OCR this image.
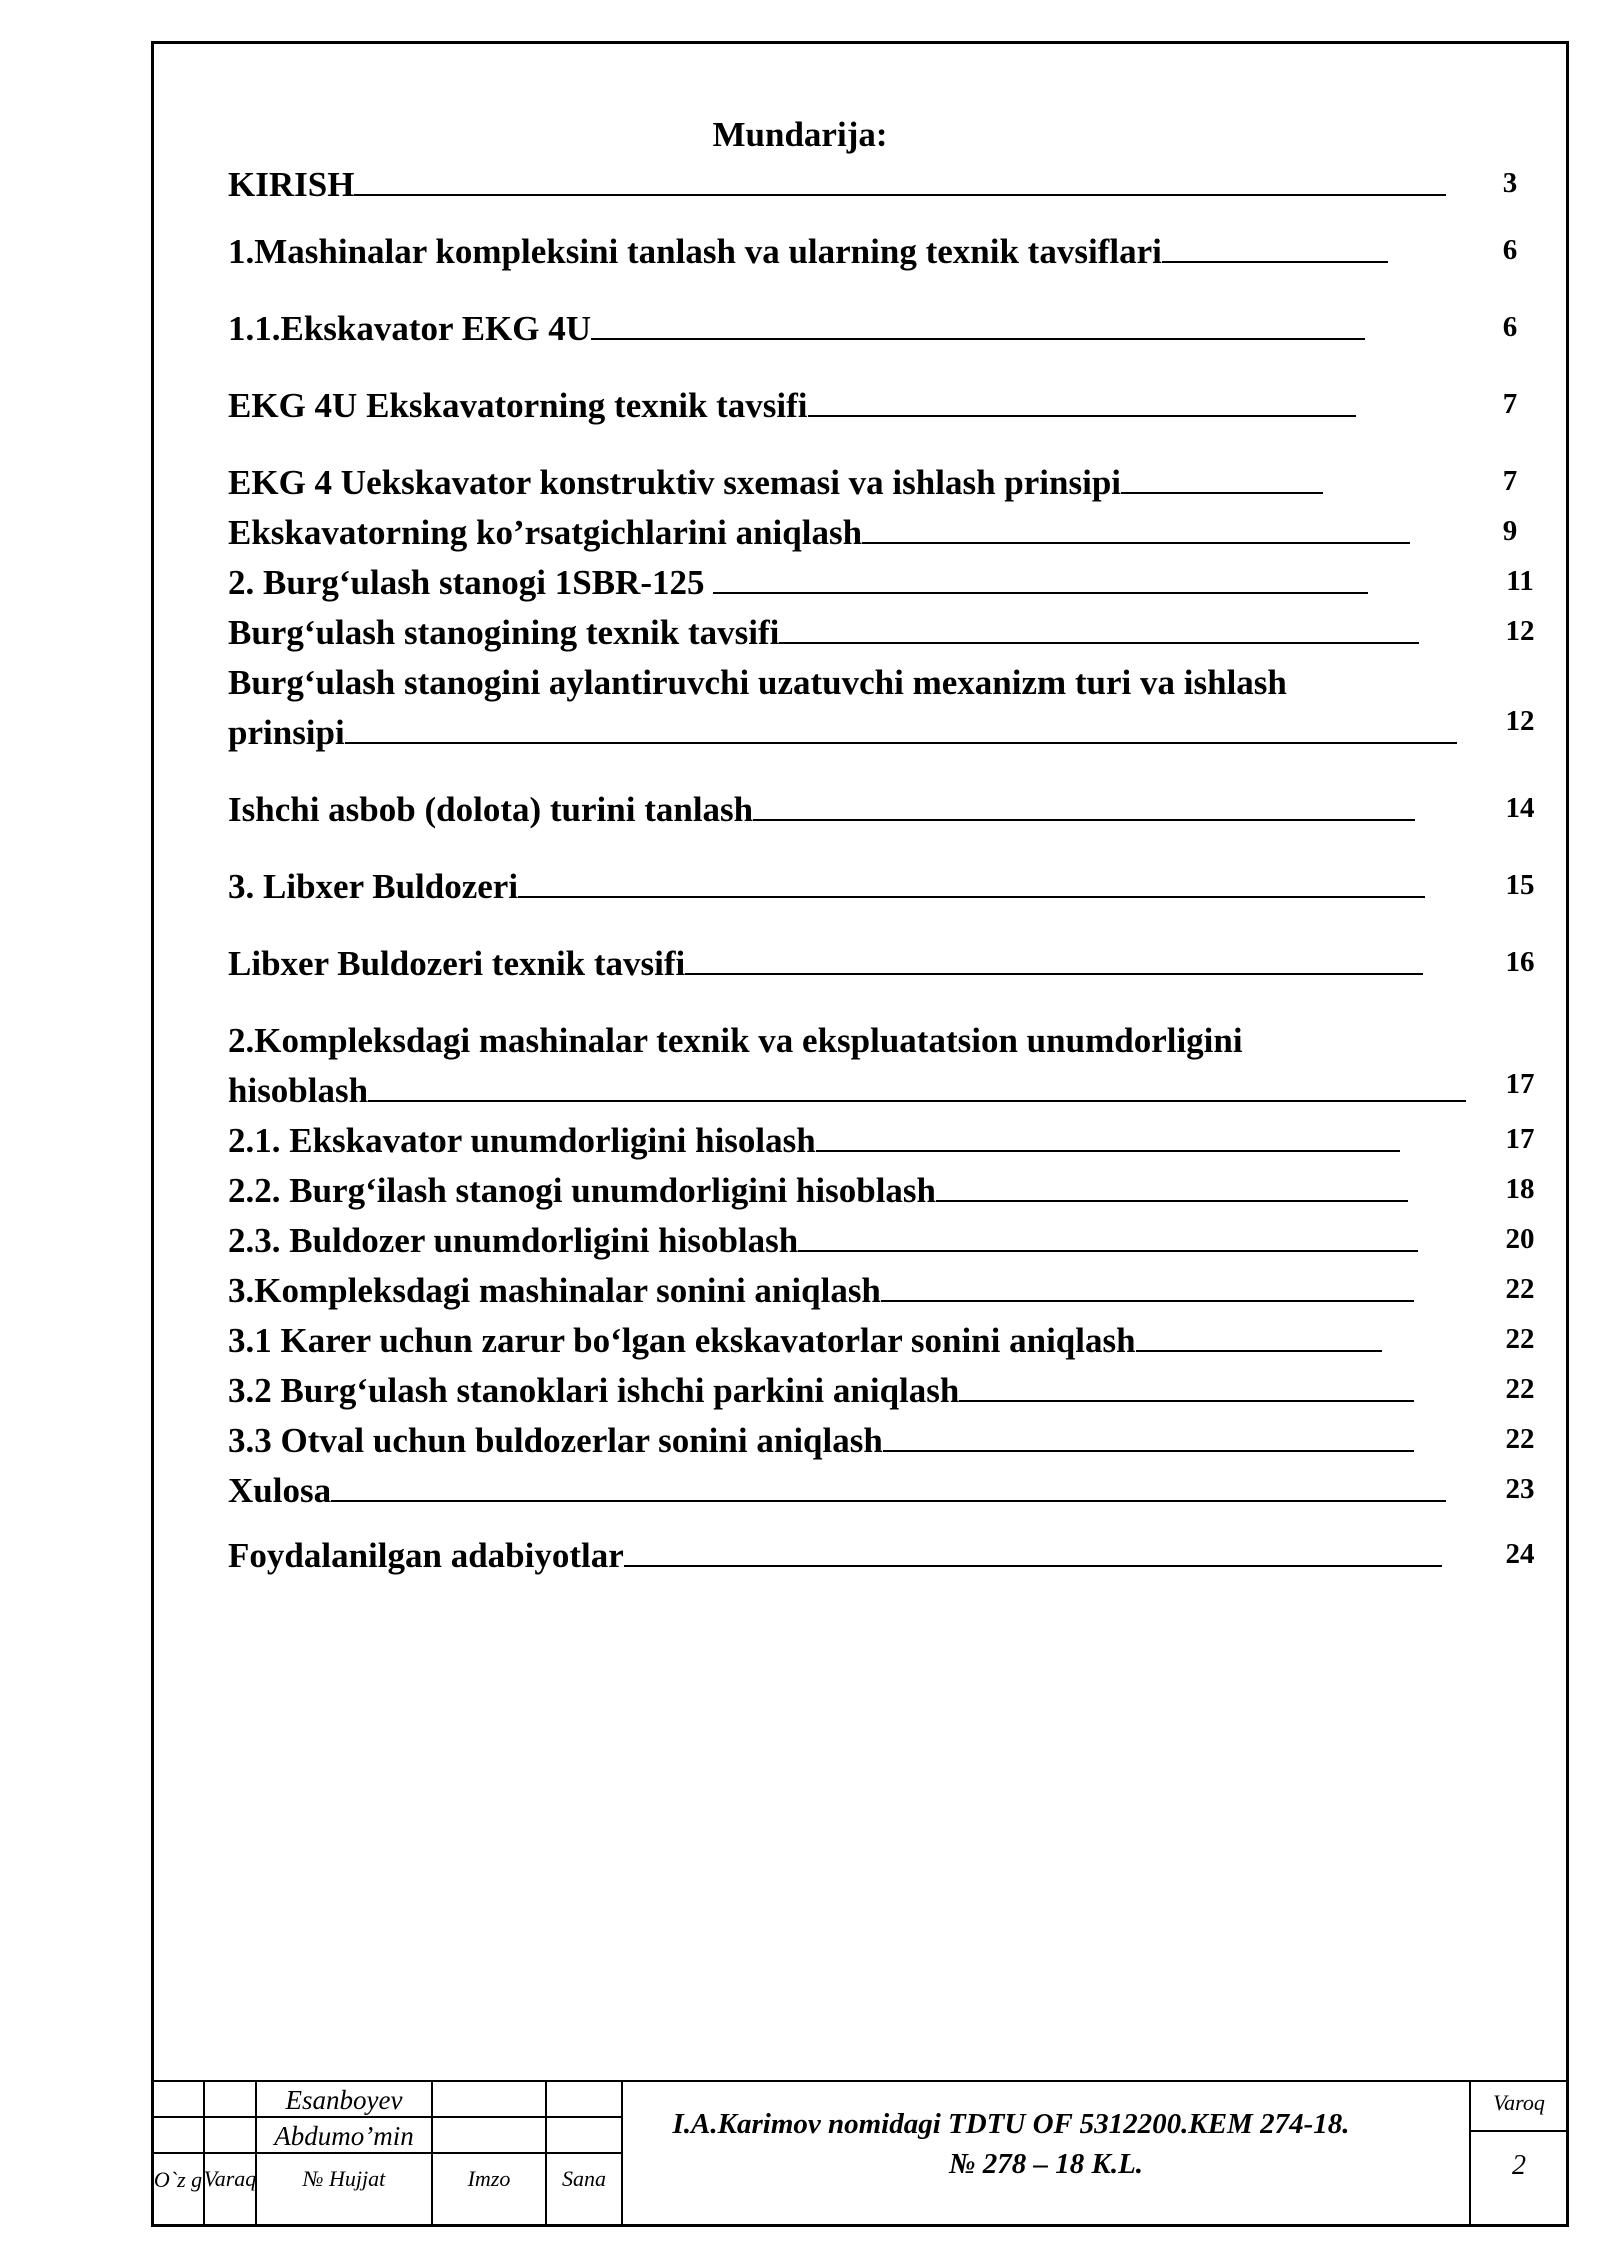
Mundarija:
KIRISH	3
1.Mashinalar kompleksini tanlash va ularning texnik tavsiflari	6
1.1.Ekskavator EKG 4U	6
EKG 4U Ekskavatorning texnik tavsifi	7
EKG 4 Uekskavator konstruktiv sxemasi va ishlash prinsipi	7
Ekskavatorning ko’rsatgichlarini aniqlash	9
2. Burg‘ulash stanogi 1SBR-125	11
Burg‘ulash stanogining texnik tavsifi	12
Burg‘ulash stanogini aylantiruvchi uzatuvchi mexanizm turi va ishlash
prinsipi	12
Ishchi asbob (dolota) turini tanlash	14
3. Libxer Buldozeri	15
Libxer Buldozeri texnik tavsifi	16
2.Kompleksdagi mashinalar texnik va ekspluatatsion unumdorligini
hisoblash	17
2.1. Ekskavator unumdorligini hisolash	17
2.2. Burg‘ilash stanogi unumdorligini hisoblash	18
2.3. Buldozer unumdorligini hisoblash	20
3.Kompleksdagi mashinalar sonini aniqlash	22
3.1 Karer uchun zarur bo‘lgan ekskavatorlar sonini aniqlash	22
3.2 Burg‘ulash stanoklari ishchi parkini aniqlash	22
3.3 Otval uchun buldozerlar sonini aniqlash	22
Xulosa	23
Foydalanilgan adabiyotlar	24
Esanboyev
Abdumo’min
O`z g Varaq	№ Hujjat	Imzo	Sana
I.A.Karimov nomidagi TDTU OF 5312200.KEM 274-18.
№ 278 – 18 K.L.
Varoq
2
